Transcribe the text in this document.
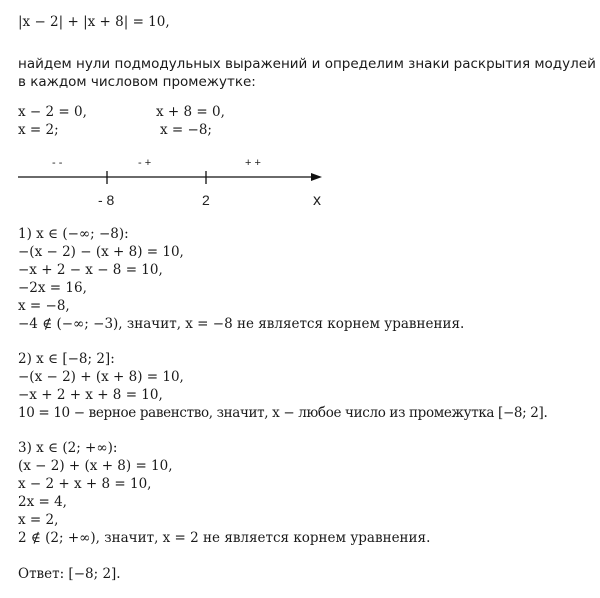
|x − 2| + |x + 8| = 10,
найдем нули подмодульных выражений и определим знаки раскрытия модулей
в каждом числовом промежутке:
x − 2 = 0,
x = 2;
x + 8 = 0,
x = −8;
- -	- +	+ +
- 8	2	x
1) x ∈ (−∞; −8):
−(x − 2) − (x + 8) = 10,
−x + 2 − x − 8 = 10,
−2x = 16,
x = −8,
−4 ∉ (−∞; −3), значит, x = −8 не является корнем уравнения.
2) x ∈ [−8; 2]:
−(x − 2) + (x + 8) = 10,
−x + 2 + x + 8 = 10,
10 = 10 − верное равенство, значит, x − любое число из промежутка [−8; 2].
3) x ∈ (2; +∞):
(x − 2) + (x + 8) = 10,
x − 2 + x + 8 = 10,
2x = 4,
x = 2,
2 ∉ (2; +∞), значит, x = 2 не является корнем уравнения.
Ответ: [−8; 2].
